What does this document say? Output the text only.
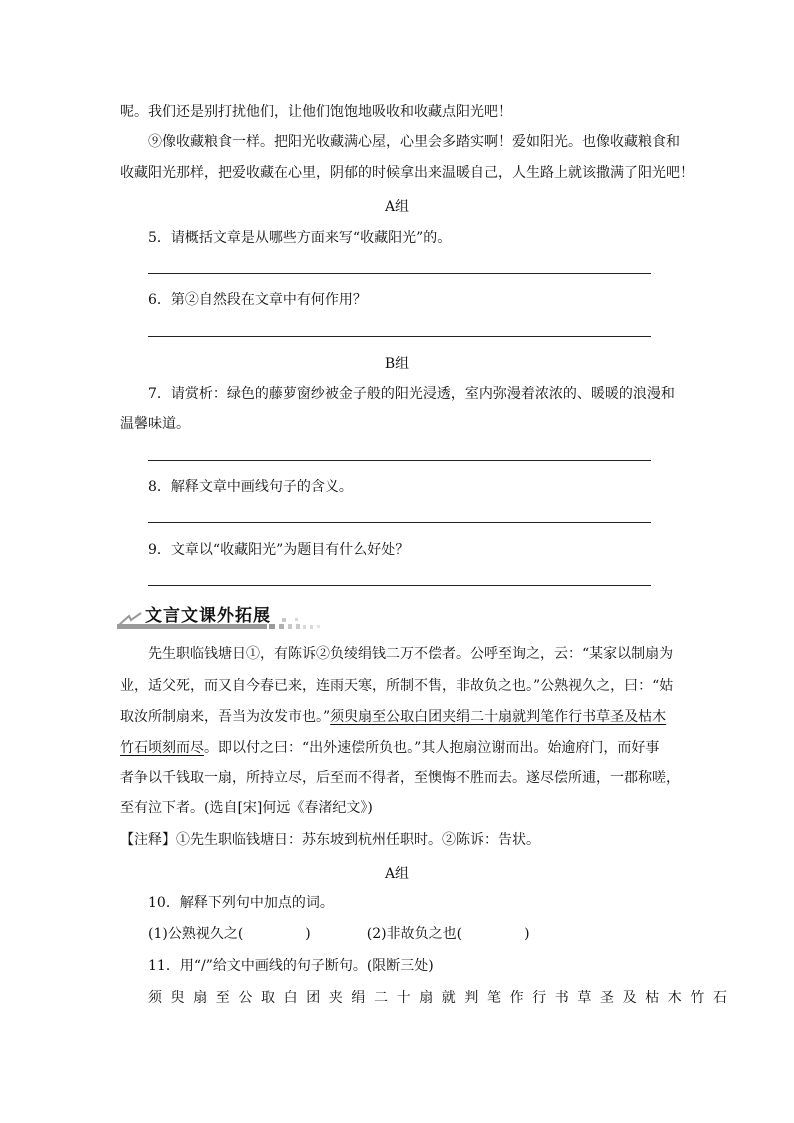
呢。我们还是别打扰他们，让他们饱饱地吸收和收藏点阳光吧！
⑨像收藏粮食一样。把阳光收藏满心屋，心里会多踏实啊！爱如阳光。也像收藏粮食和
收藏阳光那样，把爱收藏在心里，阴郁的时候拿出来温暖自己，人生路上就该撒满了阳光吧！
A组
5．请概括文章是从哪些方面来写“收藏阳光”的。
6．第②自然段在文章中有何作用？
B组
7．请赏析：绿色的藤萝窗纱被金子般的阳光浸透，室内弥漫着浓浓的、暖暖的浪漫和
温馨味道。
8．解释文章中画线句子的含义。
9．文章以“收藏阳光”为题目有什么好处？
文言文课外拓展
先生职临钱塘日①，有陈诉②负绫绢钱二万不偿者。公呼至询之，云：“某家以制扇为
业，适父死，而又自今春已来，连雨天寒，所制不售，非故负之也。”公熟视久之，曰：“姑
取汝所制扇来，吾当为汝发市也。”须臾扇至公取白团夹绢二十扇就判笔作行书草圣及枯木
竹石顷刻而尽。即以付之曰：“出外速偿所负也。”其人抱扇泣谢而出。始逾府门，而好事
者争以千钱取一扇，所持立尽，后至而不得者，至懊悔不胜而去。遂尽偿所逋，一郡称嗟，
至有泣下者。(选自[宋]何远《春渚纪文》)
【注释】①先生职临钱塘日：苏东坡到杭州任职时。②陈诉：告状。
A组
10．解释下列句中加点的词。
(1)公熟视久之(	)	(2)非故负之也(	)
11．用“/”给文中画线的句子断句。(限断三处)
须臾扇至公取白团夹绢二十扇就判笔作行书草圣及枯木竹石
